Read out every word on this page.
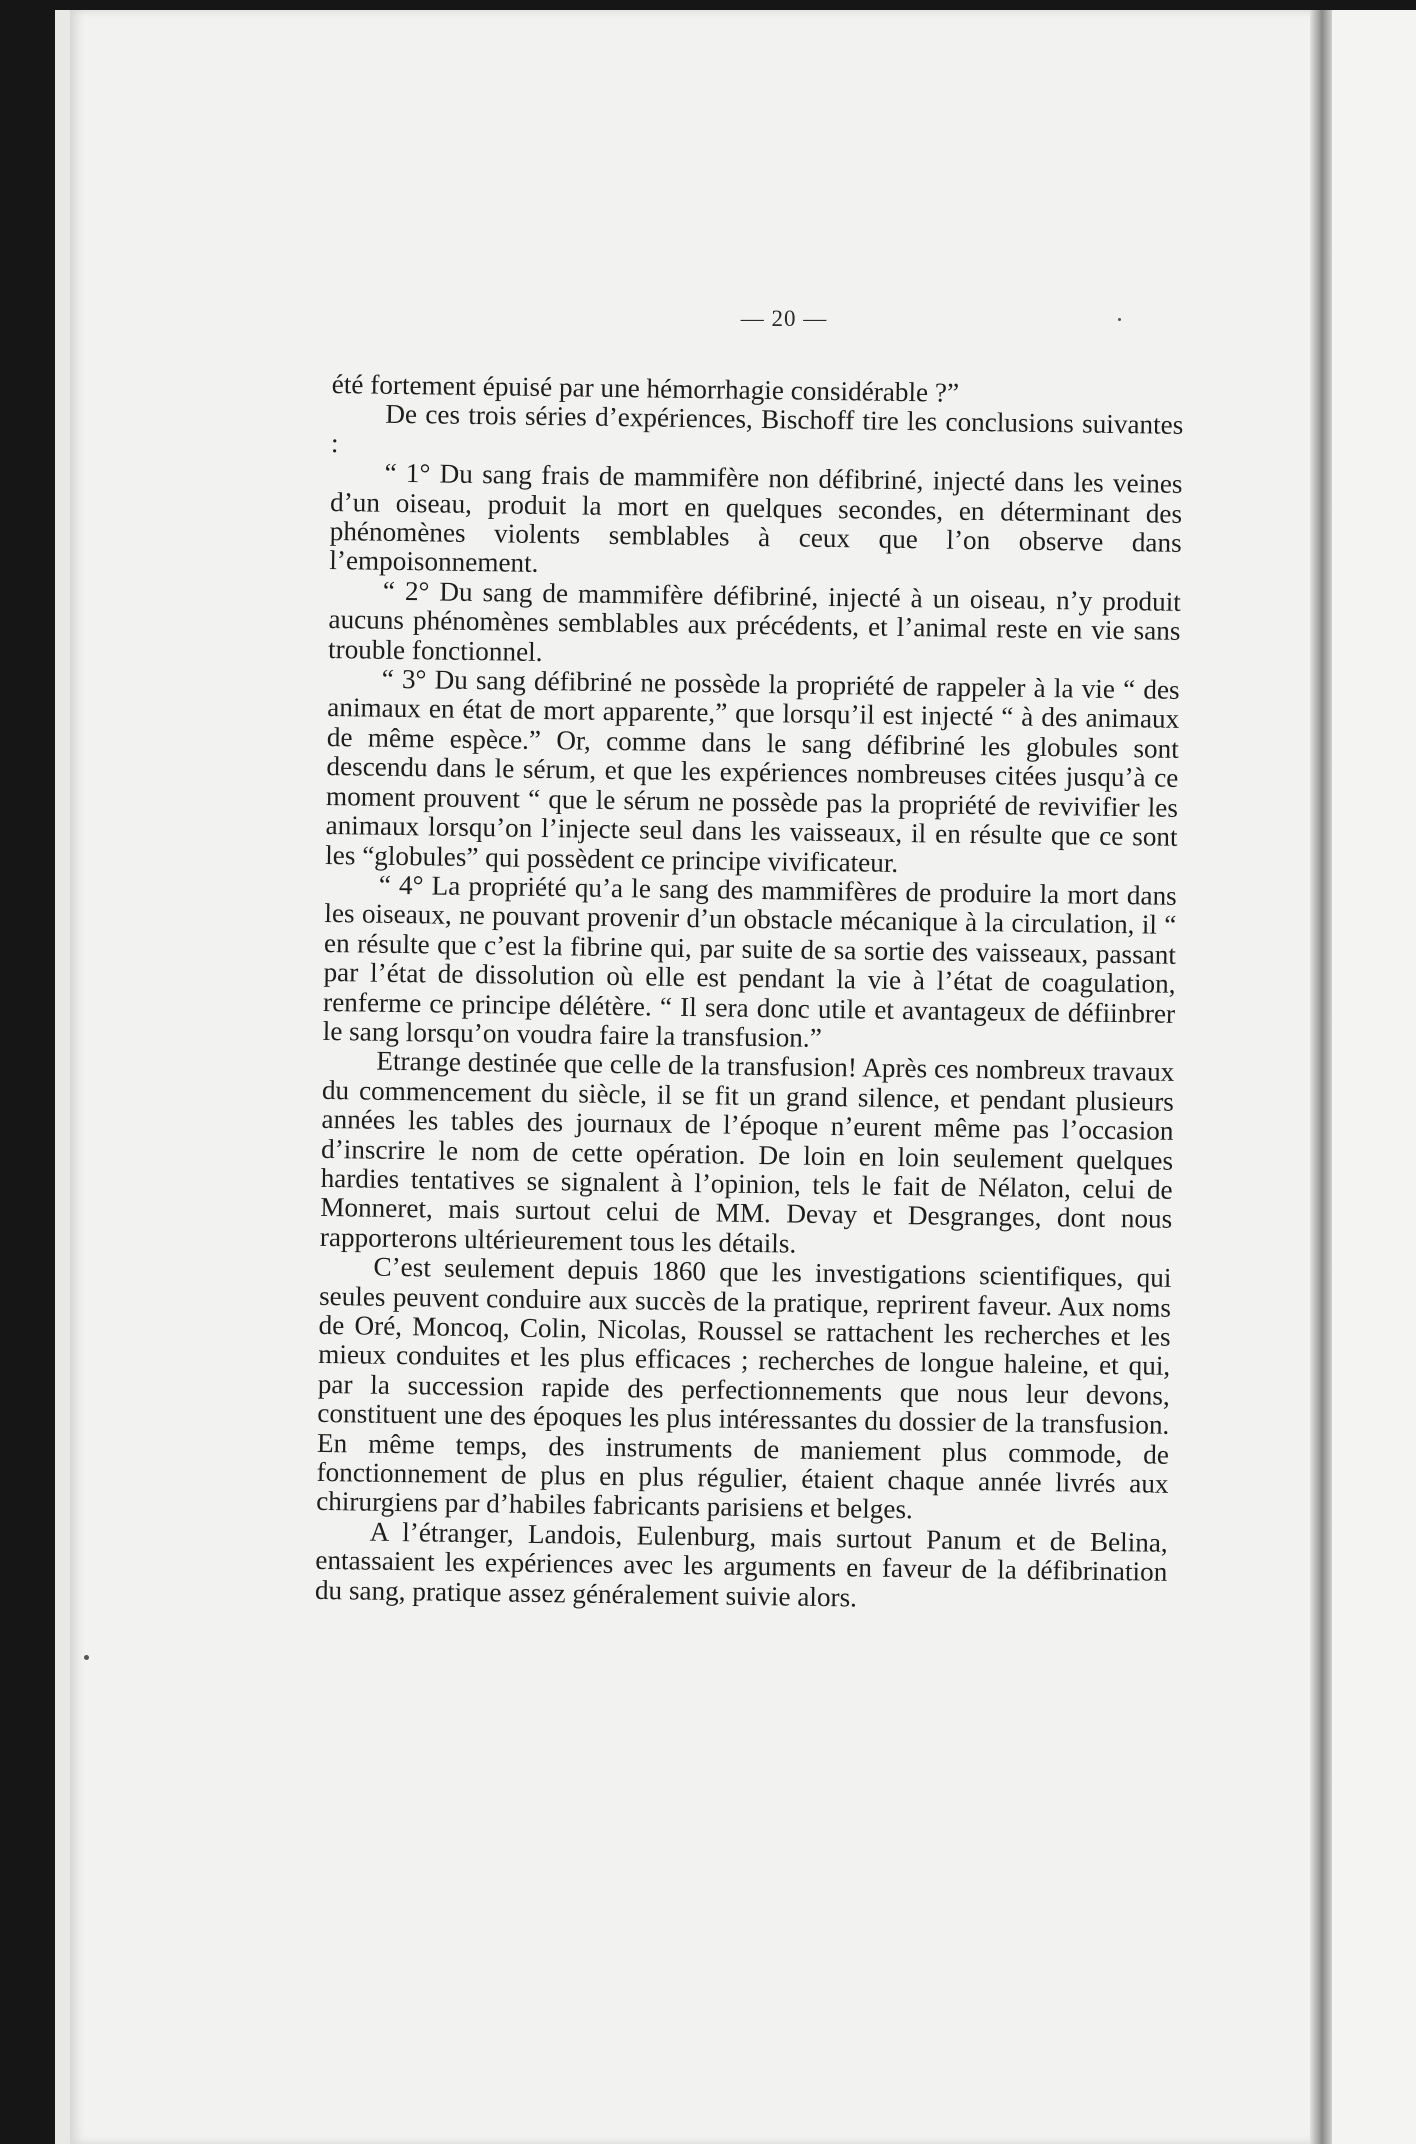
— 20 —

été fortement épuisé par une hémorrhagie considérable ?”

De ces trois séries d’expériences, Bischoff tire les conclusions suivantes :

“ 1° Du sang frais de mammifère non défibriné, injecté dans les veines d’un oiseau, produit la mort en quelques secondes, en déterminant des phénomènes violents semblables à ceux que l’on observe dans l’empoisonnement.

“ 2° Du sang de mammifère défibriné, injecté à un oiseau, n’y produit aucuns phénomènes semblables aux précédents, et l’animal reste en vie sans trouble fonctionnel.

“ 3° Du sang défibriné ne possède la propriété de rappeler à la vie “ des animaux en état de mort apparente,” que lorsqu’il est injecté “ à des animaux de même espèce.” Or, comme dans le sang défibriné les globules sont descendu dans le sérum, et que les expériences nombreuses citées jusqu’à ce moment prouvent “ que le sérum ne possède pas la propriété de revivifier les animaux lorsqu’on l’injecte seul dans les vaisseaux, il en résulte que ce sont les “globules” qui possèdent ce principe vivificateur.

“ 4° La propriété qu’a le sang des mammifères de produire la mort dans les oiseaux, ne pouvant provenir d’un obstacle mécanique à la circulation, il “ en résulte que c’est la fibrine qui, par suite de sa sortie des vaisseaux, passant par l’état de dissolution où elle est pendant la vie à l’état de coagulation, renferme ce principe délétère. “ Il sera donc utile et avantageux de défiinbrer le sang lorsqu’on voudra faire la transfusion.”

Etrange destinée que celle de la transfusion! Après ces nombreux travaux du commencement du siècle, il se fit un grand silence, et pendant plusieurs années les tables des journaux de l’époque n’eurent même pas l’occasion d’inscrire le nom de cette opération. De loin en loin seulement quelques hardies tentatives se signalent à l’opinion, tels le fait de Nélaton, celui de Monneret, mais surtout celui de MM. Devay et Desgranges, dont nous rapporterons ultérieurement tous les détails.

C’est seulement depuis 1860 que les investigations scientifiques, qui seules peuvent conduire aux succès de la pratique, reprirent faveur. Aux noms de Oré, Moncoq, Colin, Nicolas, Roussel se rattachent les recherches et les mieux conduites et les plus efficaces ; recherches de longue haleine, et qui, par la succession rapide des perfectionnements que nous leur devons, constituent une des époques les plus intéressantes du dossier de la transfusion. En même temps, des instruments de maniement plus commode, de fonctionnement de plus en plus régulier, étaient chaque année livrés aux chirurgiens par d’habiles fabricants parisiens et belges.

A l’étranger, Landois, Eulenburg, mais surtout Panum et de Belina, entassaient les expériences avec les arguments en faveur de la défibrination du sang, pratique assez généralement suivie alors.
